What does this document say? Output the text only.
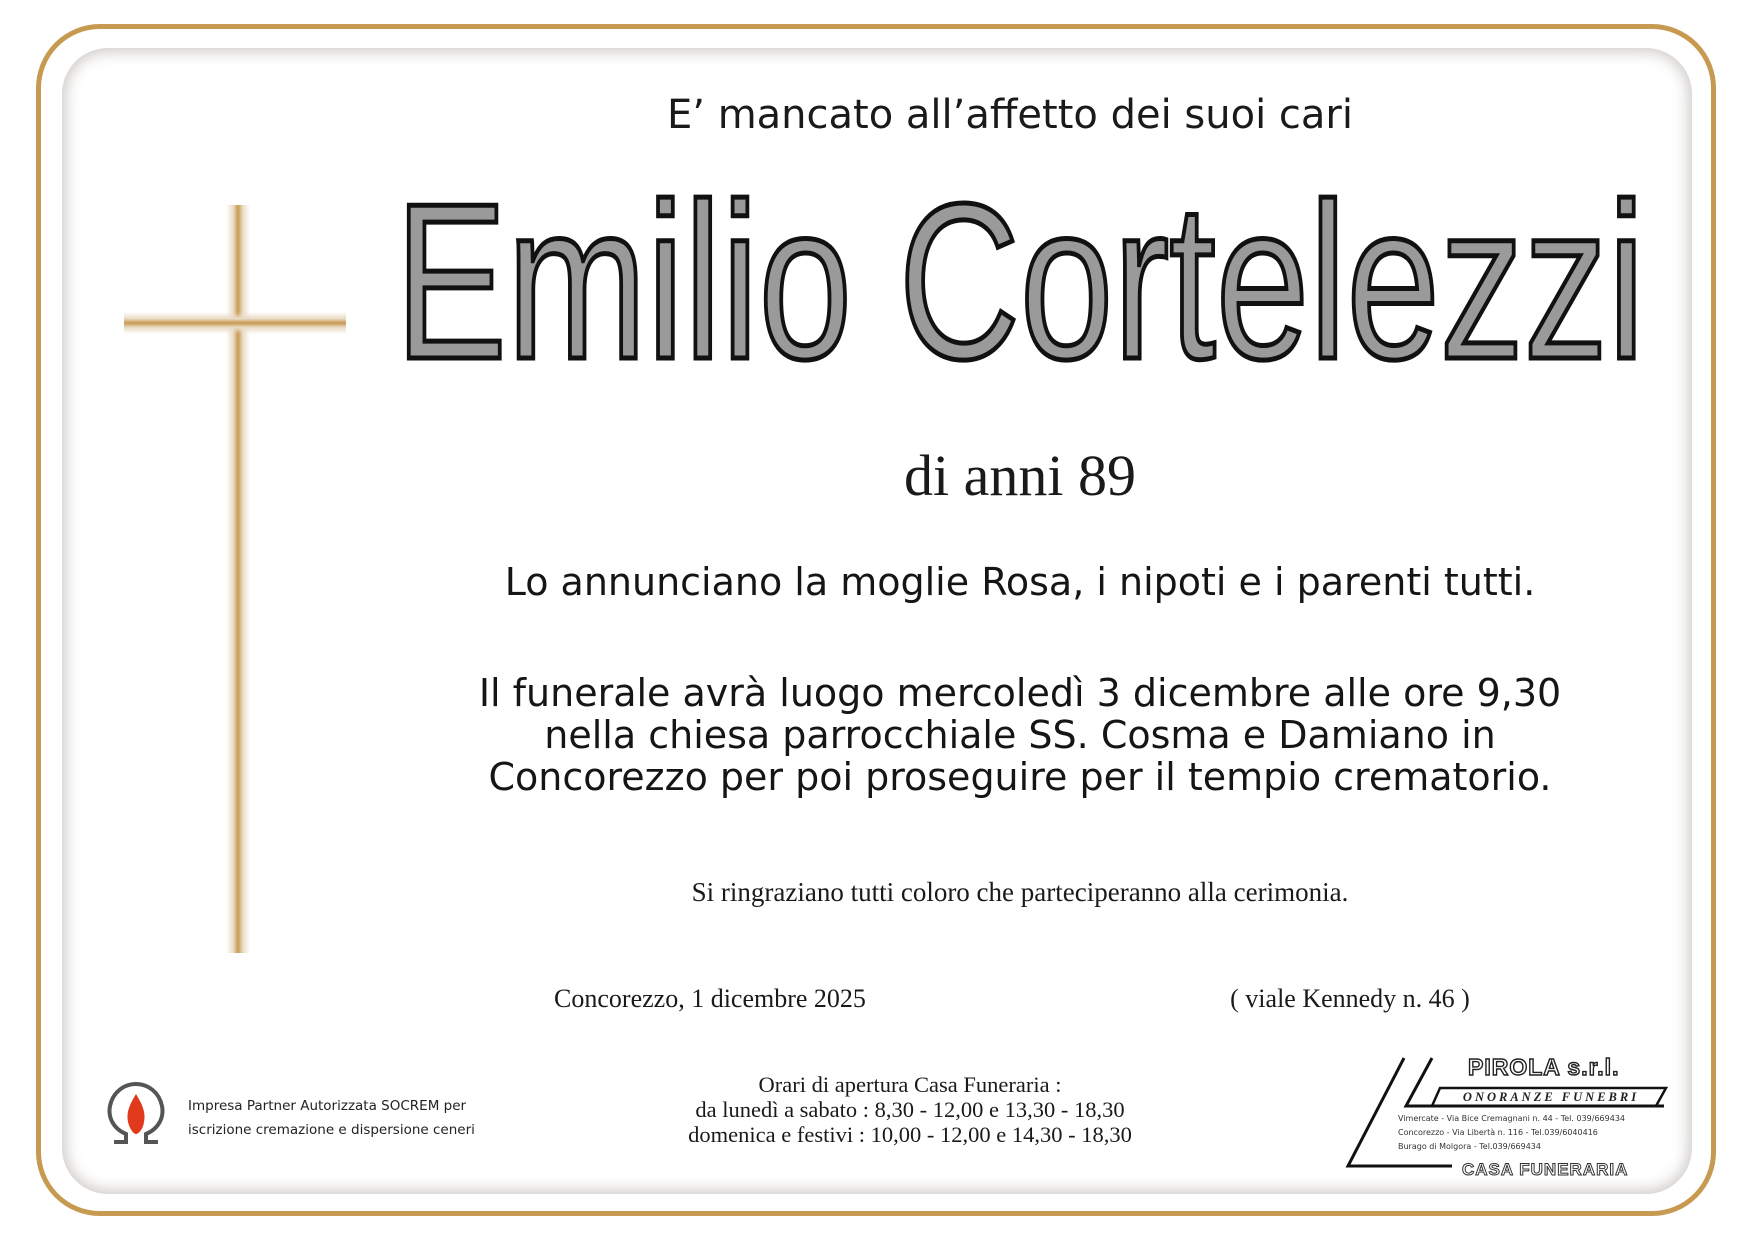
E’ mancato all’affetto dei suoi cari

Emilio Cortelezzi

di anni 89

Lo annunciano la moglie Rosa, i nipoti e i parenti tutti.

Il funerale avrà luogo mercoledì 3 dicembre alle ore 9,30
nella chiesa parrocchiale SS. Cosma e Damiano in
Concorezzo per poi proseguire per il tempio crematorio.

Si ringraziano tutti coloro che parteciperanno alla cerimonia.

Concorezzo, 1 dicembre 2025	( viale Kennedy n. 46 )

Orari di apertura Casa Funeraria :
da lunedì a sabato : 8,30 - 12,00 e 13,30 - 18,30
domenica e festivi : 10,00 - 12,00 e 14,30 - 18,30
Impresa Partner Autorizzata SOCREM per
iscrizione cremazione e dispersione ceneri
PIROLA s.r.l.
ONORANZE FUNEBRI
Vimercate - Via Bice Cremagnani n. 44 - Tel. 039/669434
Concorezzo - Via Libertà n. 116 - Tel.039/6040416
Burago di Molgora - Tel.039/669434
CASA FUNERARIA
